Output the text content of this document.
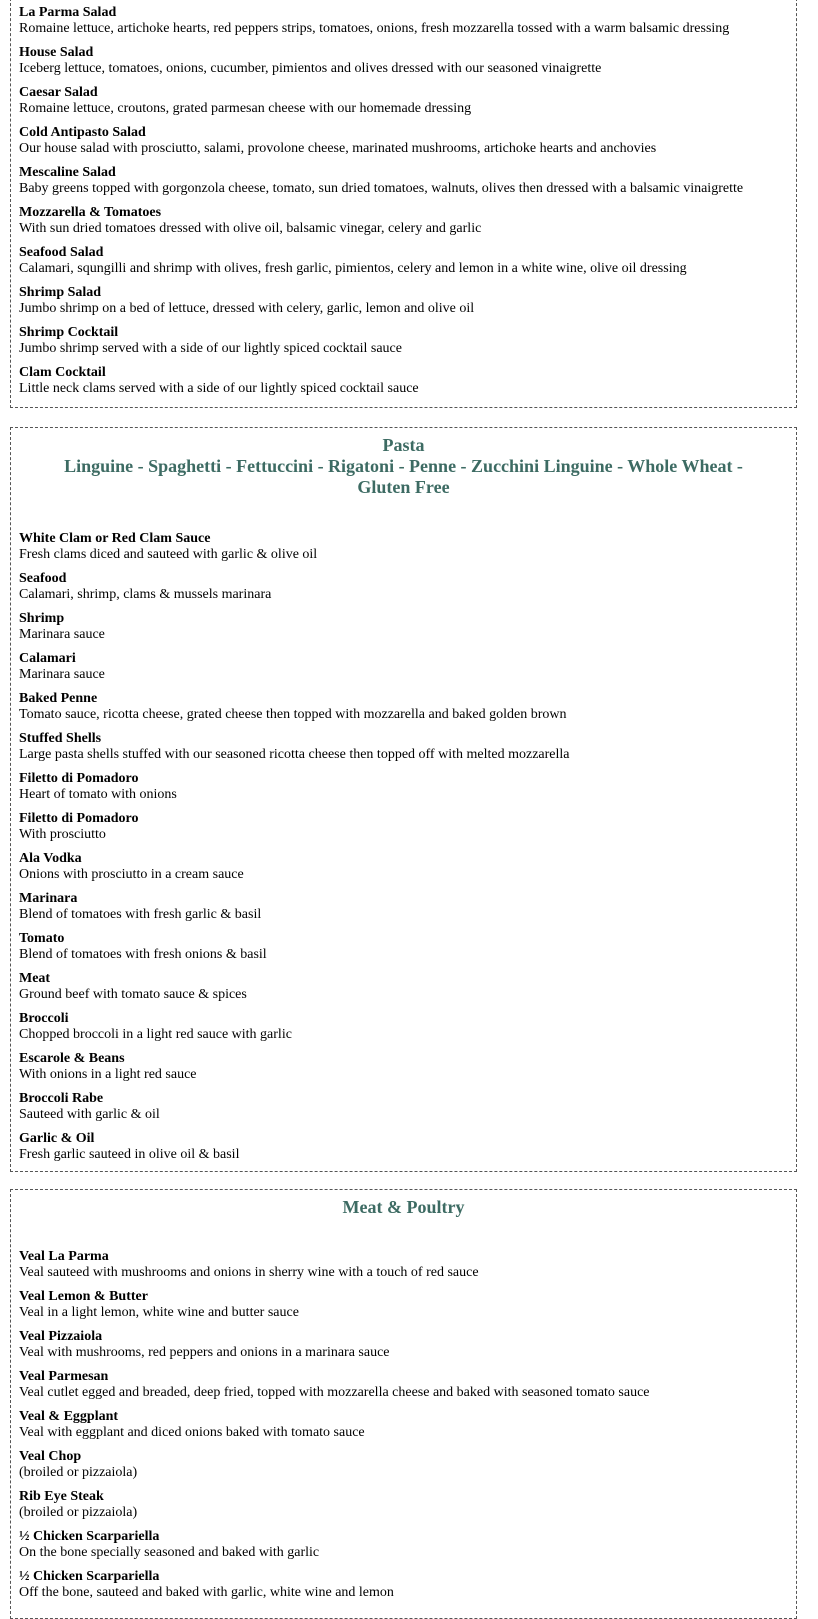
La Parma Salad
Romaine lettuce, artichoke hearts, red peppers strips, tomatoes, onions, fresh mozzarella tossed with a warm balsamic dressing
House Salad
Iceberg lettuce, tomatoes, onions, cucumber, pimientos and olives dressed with our seasoned vinaigrette
Caesar Salad
Romaine lettuce, croutons, grated parmesan cheese with our homemade dressing
Cold Antipasto Salad
Our house salad with prosciutto, salami, provolone cheese, marinated mushrooms, artichoke hearts and anchovies
Mescaline Salad
Baby greens topped with gorgonzola cheese, tomato, sun dried tomatoes, walnuts, olives then dressed with a balsamic vinaigrette
Mozzarella & Tomatoes
With sun dried tomatoes dressed with olive oil, balsamic vinegar, celery and garlic
Seafood Salad
Calamari, squngilli and shrimp with olives, fresh garlic, pimientos, celery and lemon in a white wine, olive oil dressing
Shrimp Salad
Jumbo shrimp on a bed of lettuce, dressed with celery, garlic, lemon and olive oil
Shrimp Cocktail
Jumbo shrimp served with a side of our lightly spiced cocktail sauce
Clam Cocktail
Little neck clams served with a side of our lightly spiced cocktail sauce
Pasta
Linguine - Spaghetti - Fettuccini - Rigatoni - Penne - Zucchini Linguine - Whole Wheat - Gluten Free
White Clam or Red Clam Sauce
Fresh clams diced and sauteed with garlic & olive oil
Seafood
Calamari, shrimp, clams & mussels marinara
Shrimp
Marinara sauce
Calamari
Marinara sauce
Baked Penne
Tomato sauce, ricotta cheese, grated cheese then topped with mozzarella and baked golden brown
Stuffed Shells
Large pasta shells stuffed with our seasoned ricotta cheese then topped off with melted mozzarella
Filetto di Pomadoro
Heart of tomato with onions
Filetto di Pomadoro
With prosciutto
Ala Vodka
Onions with prosciutto in a cream sauce
Marinara
Blend of tomatoes with fresh garlic & basil
Tomato
Blend of tomatoes with fresh onions & basil
Meat
Ground beef with tomato sauce & spices
Broccoli
Chopped broccoli in a light red sauce with garlic
Escarole & Beans
With onions in a light red sauce
Broccoli Rabe
Sauteed with garlic & oil
Garlic & Oil
Fresh garlic sauteed in olive oil & basil
Meat & Poultry
Veal La Parma
Veal sauteed with mushrooms and onions in sherry wine with a touch of red sauce
Veal Lemon & Butter
Veal in a light lemon, white wine and butter sauce
Veal Pizzaiola
Veal with mushrooms, red peppers and onions in a marinara sauce
Veal Parmesan
Veal cutlet egged and breaded, deep fried, topped with mozzarella cheese and baked with seasoned tomato sauce
Veal & Eggplant
Veal with eggplant and diced onions baked with tomato sauce
Veal Chop
(broiled or pizzaiola)
Rib Eye Steak
(broiled or pizzaiola)
½ Chicken Scarpariella
On the bone specially seasoned and baked with garlic
½ Chicken Scarpariella
Off the bone, sauteed and baked with garlic, white wine and lemon
